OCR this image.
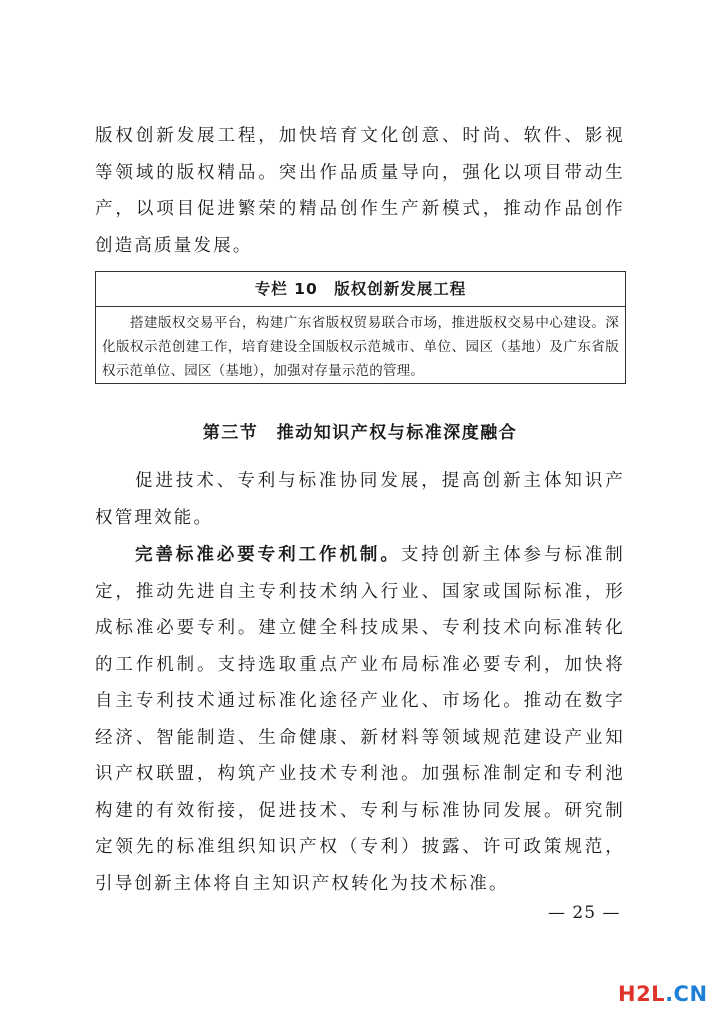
版权创新发展工程，加快培育文化创意、时尚、软件、影视等领域的版权精品。突出作品质量导向，强化以项目带动生产，以项目促进繁荣的精品创作生产新模式，推动作品创作创造高质量发展。

专栏 10　版权创新发展工程
搭建版权交易平台，构建广东省版权贸易联合市场，推进版权交易中心建设。深化版权示范创建工作，培育建设全国版权示范城市、单位、园区（基地）及广东省版权示范单位、园区（基地），加强对存量示范的管理。
第三节　推动知识产权与标准深度融合

促进技术、专利与标准协同发展，提高创新主体知识产权管理效能。

完善标准必要专利工作机制。支持创新主体参与标准制定，推动先进自主专利技术纳入行业、国家或国际标准，形成标准必要专利。建立健全科技成果、专利技术向标准转化的工作机制。支持选取重点产业布局标准必要专利，加快将自主专利技术通过标准化途径产业化、市场化。推动在数字经济、智能制造、生命健康、新材料等领域规范建设产业知识产权联盟，构筑产业技术专利池。加强标准制定和专利池构建的有效衔接，促进技术、专利与标准协同发展。研究制定领先的标准组织知识产权（专利）披露、许可政策规范，引导创新主体将自主知识产权转化为技术标准。

— 25 —
H2L.CN
